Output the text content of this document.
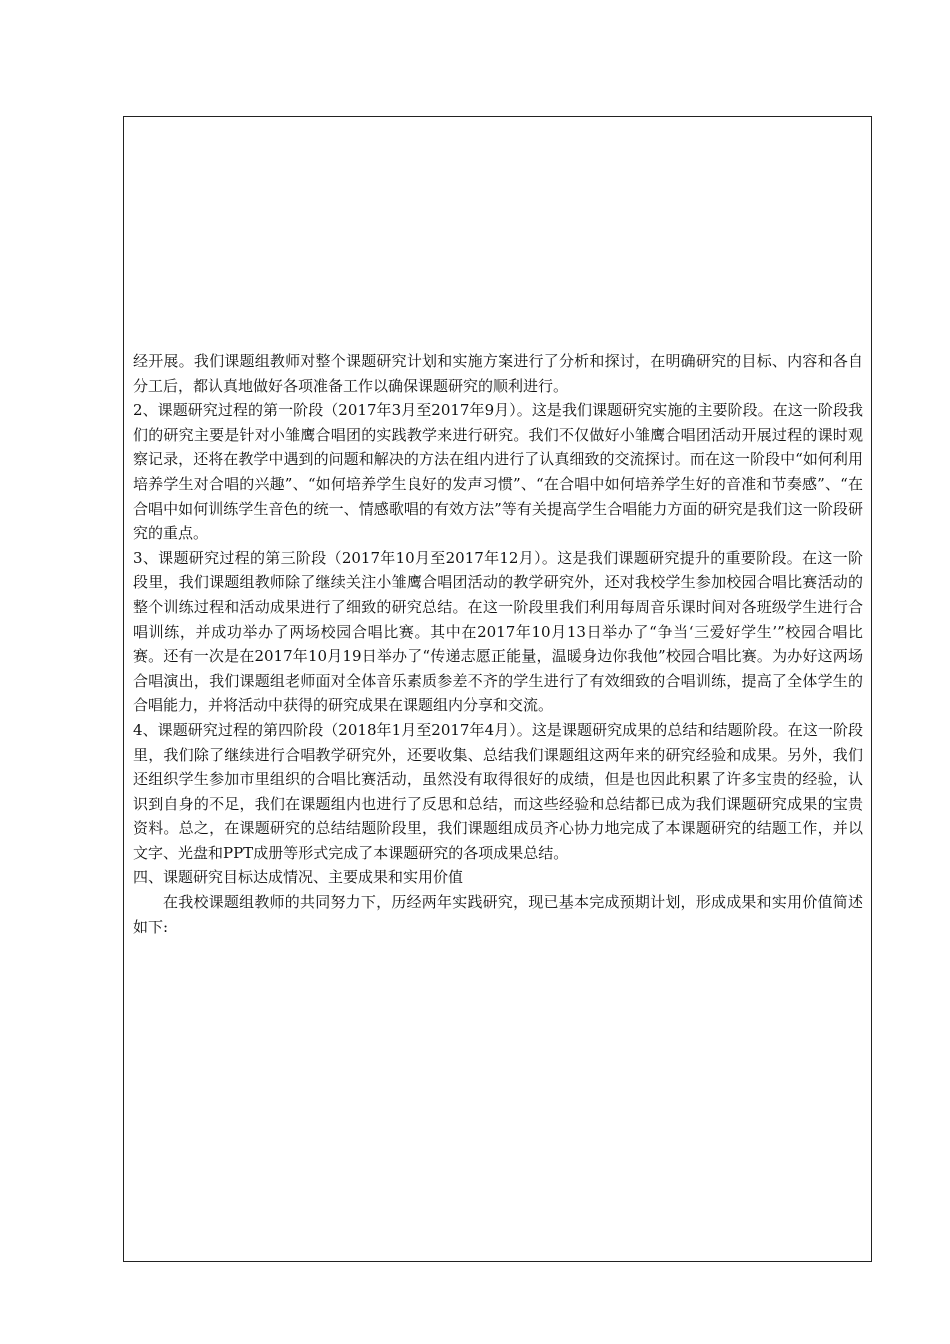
经开展。我们课题组教师对整个课题研究计划和实施方案进行了分析和探讨，在明确研究的目标、内容和各自分工后，都认真地做好各项准备工作以确保课题研究的顺利进行。

2、课题研究过程的第一阶段（2017年3月至2017年9月）。这是我们课题研究实施的主要阶段。在这一阶段我们的研究主要是针对小雏鹰合唱团的实践教学来进行研究。我们不仅做好小雏鹰合唱团活动开展过程的课时观察记录，还将在教学中遇到的问题和解决的方法在组内进行了认真细致的交流探讨。而在这一阶段中“如何利用培养学生对合唱的兴趣”、“如何培养学生良好的发声习惯”、“在合唱中如何培养学生好的音准和节奏感”、“在合唱中如何训练学生音色的统一、情感歌唱的有效方法”等有关提高学生合唱能力方面的研究是我们这一阶段研究的重点。

3、课题研究过程的第三阶段（2017年10月至2017年12月）。这是我们课题研究提升的重要阶段。在这一阶段里，我们课题组教师除了继续关注小雏鹰合唱团活动的教学研究外，还对我校学生参加校园合唱比赛活动的整个训练过程和活动成果进行了细致的研究总结。在这一阶段里我们利用每周音乐课时间对各班级学生进行合唱训练，并成功举办了两场校园合唱比赛。其中在2017年10月13日举办了“争当‘三爱好学生’”校园合唱比赛。还有一次是在2017年10月19日举办了“传递志愿正能量，温暖身边你我他”校园合唱比赛。为办好这两场合唱演出，我们课题组老师面对全体音乐素质参差不齐的学生进行了有效细致的合唱训练，提高了全体学生的合唱能力，并将活动中获得的研究成果在课题组内分享和交流。

4、课题研究过程的第四阶段（2018年1月至2017年4月）。这是课题研究成果的总结和结题阶段。在这一阶段里，我们除了继续进行合唱教学研究外，还要收集、总结我们课题组这两年来的研究经验和成果。另外，我们还组织学生参加市里组织的合唱比赛活动，虽然没有取得很好的成绩，但是也因此积累了许多宝贵的经验，认识到自身的不足，我们在课题组内也进行了反思和总结，而这些经验和总结都已成为我们课题研究成果的宝贵资料。总之，在课题研究的总结结题阶段里，我们课题组成员齐心协力地完成了本课题研究的结题工作，并以文字、光盘和PPT成册等形式完成了本课题研究的各项成果总结。

四、课题研究目标达成情况、主要成果和实用价值

在我校课题组教师的共同努力下，历经两年实践研究，现已基本完成预期计划，形成成果和实用价值简述如下:
